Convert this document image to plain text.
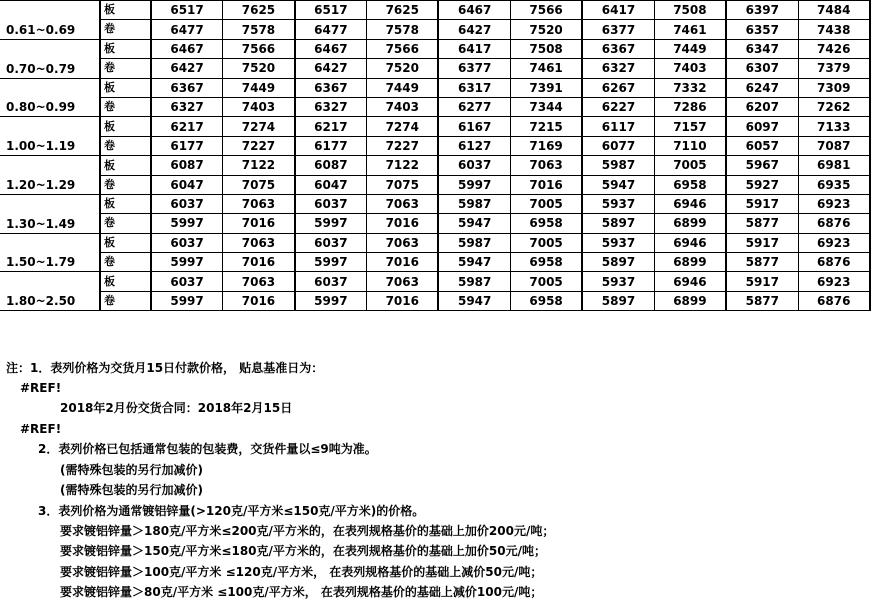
0.61~0.69	板	6517	7625	6517	7625	6467	7566	6417	7508	6397	7484
	卷	6477	7578	6477	7578	6427	7520	6377	7461	6357	7438
0.70~0.79	板	6467	7566	6467	7566	6417	7508	6367	7449	6347	7426
	卷	6427	7520	6427	7520	6377	7461	6327	7403	6307	7379
0.80~0.99	板	6367	7449	6367	7449	6317	7391	6267	7332	6247	7309
	卷	6327	7403	6327	7403	6277	7344	6227	7286	6207	7262
1.00~1.19	板	6217	7274	6217	7274	6167	7215	6117	7157	6097	7133
	卷	6177	7227	6177	7227	6127	7169	6077	7110	6057	7087
1.20~1.29	板	6087	7122	6087	7122	6037	7063	5987	7005	5967	6981
	卷	6047	7075	6047	7075	5997	7016	5947	6958	5927	6935
1.30~1.49	板	6037	7063	6037	7063	5987	7005	5937	6946	5917	6923
	卷	5997	7016	5997	7016	5947	6958	5897	6899	5877	6876
1.50~1.79	板	6037	7063	6037	7063	5987	7005	5937	6946	5917	6923
	卷	5997	7016	5997	7016	5947	6958	5897	6899	5877	6876
1.80~2.50	板	6037	7063	6037	7063	5987	7005	5937	6946	5917	6923
	卷	5997	7016	5997	7016	5947	6958	5897	6899	5877	6876
注：1．表列价格为交货月15日付款价格， 贴息基准日为：
#REF!
2018年2月份交货合同：2018年2月15日
#REF!
2．表列价格已包括通常包装的包装费，交货件量以≤9吨为准。
(需特殊包装的另行加减价)
(需特殊包装的另行加减价)
3．表列价格为通常镀铝锌量(>120克/平方米≤150克/平方米)的价格。
要求镀铝锌量＞180克/平方米≤200克/平方米的，在表列规格基价的基础上加价200元/吨；
要求镀铝锌量＞150克/平方米≤180克/平方米的，在表列规格基价的基础上加价50元/吨；
要求镀铝锌量＞100克/平方米 ≤120克/平方米， 在表列规格基价的基础上减价50元/吨；
要求镀铝锌量＞80克/平方米 ≤100克/平方米， 在表列规格基价的基础上减价100元/吨；
